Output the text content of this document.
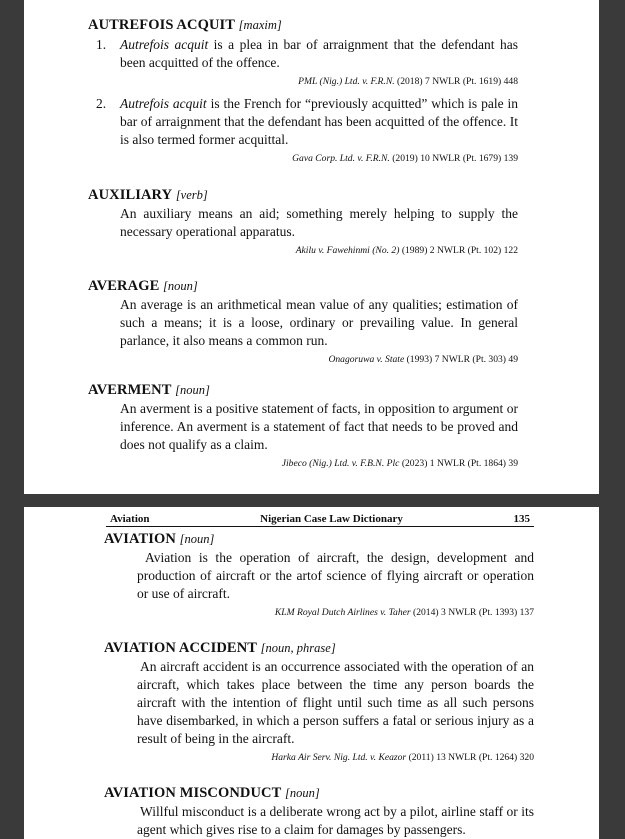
AUTREFOIS ACQUIT [maxim]
1.	Autrefois acquit is a plea in bar of arraignment that the defendant has been acquitted of the offence.
PML (Nig.) Ltd. v. F.R.N. (2018) 7 NWLR (Pt. 1619) 448
2.	Autrefois acquit is the French for “previously acquitted” which is pale in bar of arraignment that the defendant has been acquitted of the offence. It is also termed former acquittal.
Gava Corp. Ltd. v. F.R.N. (2019) 10 NWLR (Pt. 1679) 139
AUXILIARY [verb]
An auxiliary means an aid; something merely helping to supply the necessary operational apparatus.
Akilu v. Fawehinmi (No. 2) (1989) 2 NWLR (Pt. 102) 122
AVERAGE [noun]
An average is an arithmetical mean value of any qualities; estimation of such a means; it is a loose, ordinary or prevailing value. In general parlance, it also means a common run.
Onagoruwa v. State (1993) 7 NWLR (Pt. 303) 49
AVERMENT [noun]
An averment is a positive statement of facts, in opposition to argument or inference. An averment is a statement of fact that needs to be proved and does not qualify as a claim.
Jibeco (Nig.) Ltd. v. F.B.N. Plc (2023) 1 NWLR (Pt. 1864) 39
Aviation	Nigerian Case Law Dictionary	135
AVIATION [noun]
Aviation is the operation of aircraft, the design, development and production of aircraft or the artof science of flying aircraft or operation or use of aircraft.
KLM Royal Dutch Airlines v. Taher (2014) 3 NWLR (Pt. 1393) 137
AVIATION ACCIDENT [noun, phrase]
An aircraft accident is an occurrence associated with the operation of an aircraft, which takes place between the time any person boards the aircraft with the intention of flight until such time as all such persons have disembarked, in which a person suffers a fatal or serious injury as a result of being in the aircraft.
Harka Air Serv. Nig. Ltd. v. Keazor (2011) 13 NWLR (Pt. 1264) 320
AVIATION MISCONDUCT [noun]
Willful misconduct is a deliberate wrong act by a pilot, airline staff or its agent which gives rise to a claim for damages by passengers.
